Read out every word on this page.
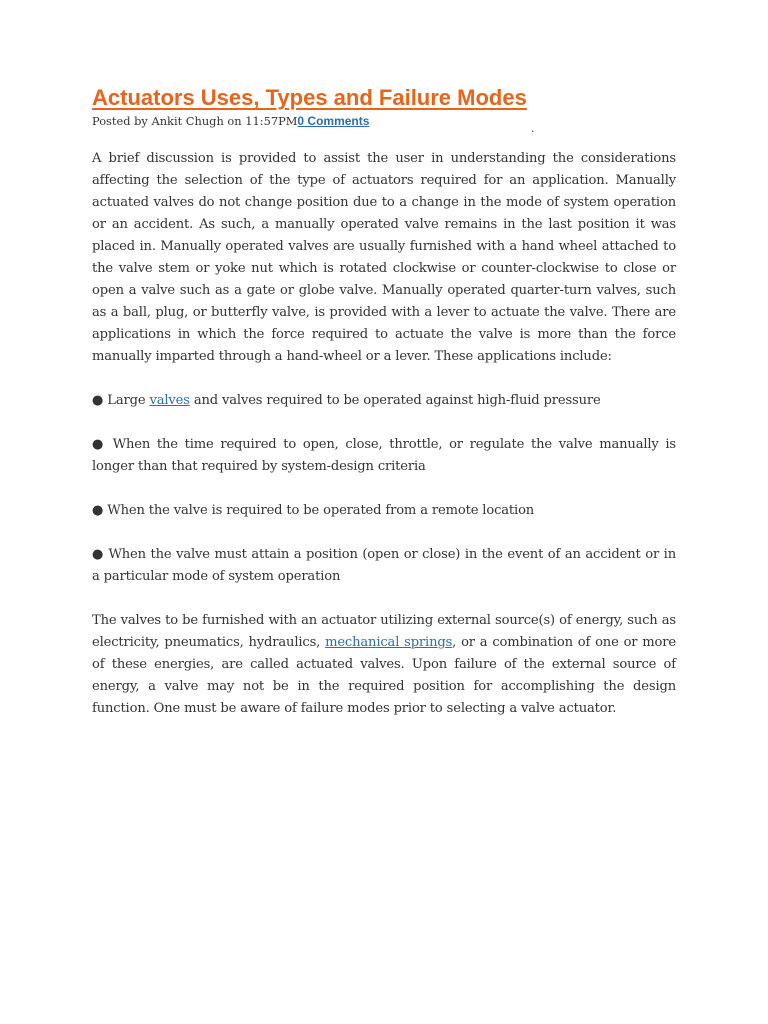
Actuators Uses, Types and Failure Modes
Posted by Ankit Chugh on 11:57PM0 Comments
.

A brief discussion is provided to assist the user in understanding the considerations affecting the selection of the type of actuators required for an application. Manually actuated valves do not change position due to a change in the mode of system operation or an accident. As such, a manually operated valve remains in the last position it was placed in. Manually operated valves are usually furnished with a hand wheel attached to the valve stem or yoke nut which is rotated clockwise or counter-clockwise to close or open a valve such as a gate or globe valve. Manually operated quarter-turn valves, such as a ball, plug, or butterfly valve, is provided with a lever to actuate the valve. There are applications in which the force required to actuate the valve is more than the force manually imparted through a hand-wheel or a lever. These applications include:

● Large valves and valves required to be operated against high-fluid pressure

● When the time required to open, close, throttle, or regulate the valve manually is longer than that required by system-design criteria

● When the valve is required to be operated from a remote location

● When the valve must attain a position (open or close) in the event of an accident or in a particular mode of system operation

The valves to be furnished with an actuator utilizing external source(s) of energy, such as electricity, pneumatics, hydraulics, mechanical springs, or a combination of one or more of these energies, are called actuated valves. Upon failure of the external source of energy, a valve may not be in the required position for accomplishing the design function. One must be aware of failure modes prior to selecting a valve actuator.
